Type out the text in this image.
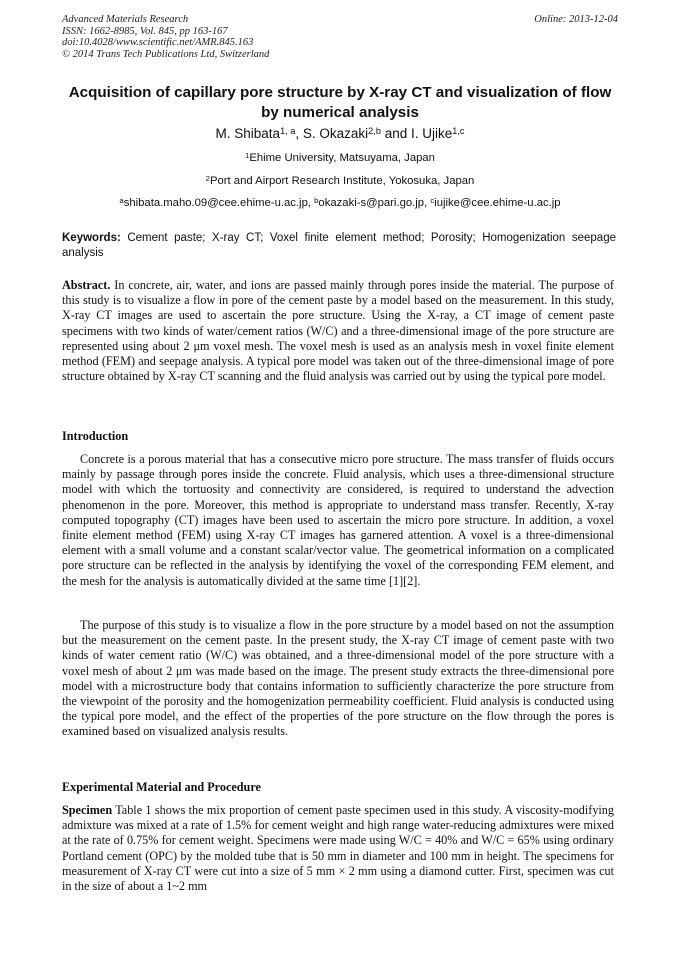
Advanced Materials Research
ISSN: 1662-8985, Vol. 845, pp 163-167
doi:10.4028/www.scientific.net/AMR.845.163
© 2014 Trans Tech Publications Ltd, Switzerland
Online: 2013-12-04
Acquisition of capillary pore structure by X-ray CT and visualization of flow by numerical analysis
M. Shibata$^{1, a}$, S. Okazaki$^{2,b}$ and I. Ujike$^{1,c}$
$^1$Ehime University, Matsuyama, Japan
$^2$Port and Airport Research Institute, Yokosuka, Japan
$^a$shibata.maho.09@cee.ehime-u.ac.jp, $^b$okazaki-s@pari.go.jp, $^c$iujike@cee.ehime-u.ac.jp

Keywords: Cement paste; X-ray CT; Voxel finite element method; Porosity; Homogenization seepage analysis

Abstract. In concrete, air, water, and ions are passed mainly through pores inside the material. The purpose of this study is to visualize a flow in pore of the cement paste by a model based on the measurement. In this study, X-ray CT images are used to ascertain the pore structure. Using the X-ray, a CT image of cement paste specimens with two kinds of water/cement ratios (W/C) and a three-dimensional image of the pore structure are represented using about 2 μm voxel mesh. The voxel mesh is used as an analysis mesh in voxel finite element method (FEM) and seepage analysis. A typical pore model was taken out of the three-dimensional image of pore structure obtained by X-ray CT scanning and the fluid analysis was carried out by using the typical pore model.

Introduction

Concrete is a porous material that has a consecutive micro pore structure. The mass transfer of fluids occurs mainly by passage through pores inside the concrete. Fluid analysis, which uses a three-dimensional structure model with which the tortuosity and connectivity are considered, is required to understand the advection phenomenon in the pore. Moreover, this method is appropriate to understand mass transfer. Recently, X-ray computed topography (CT) images have been used to ascertain the micro pore structure. In addition, a voxel finite element method (FEM) using X-ray CT images has garnered attention. A voxel is a three-dimensional element with a small volume and a constant scalar/vector value. The geometrical information on a complicated pore structure can be reflected in the analysis by identifying the voxel of the corresponding FEM element, and the mesh for the analysis is automatically divided at the same time [1][2].

The purpose of this study is to visualize a flow in the pore structure by a model based on not the assumption but the measurement on the cement paste. In the present study, the X-ray CT image of cement paste with two kinds of water cement ratio (W/C) was obtained, and a three-dimensional model of the pore structure with a voxel mesh of about 2 μm was made based on the image. The present study extracts the three-dimensional pore model with a microstructure body that contains information to sufficiently characterize the pore structure from the viewpoint of the porosity and the homogenization permeability coefficient. Fluid analysis is conducted using the typical pore model, and the effect of the properties of the pore structure on the flow through the pores is examined based on visualized analysis results.

Experimental Material and Procedure

Specimen Table 1 shows the mix proportion of cement paste specimen used in this study. A viscosity-modifying admixture was mixed at a rate of 1.5% for cement weight and high range water-reducing admixtures were mixed at the rate of 0.75% for cement weight. Specimens were made using W/C = 40% and W/C = 65% using ordinary Portland cement (OPC) by the molded tube that is 50 mm in diameter and 100 mm in height. The specimens for measurement of X-ray CT were cut into a size of 5 mm × 2 mm using a diamond cutter. First, specimen was cut in the size of about a 1~2 mm
